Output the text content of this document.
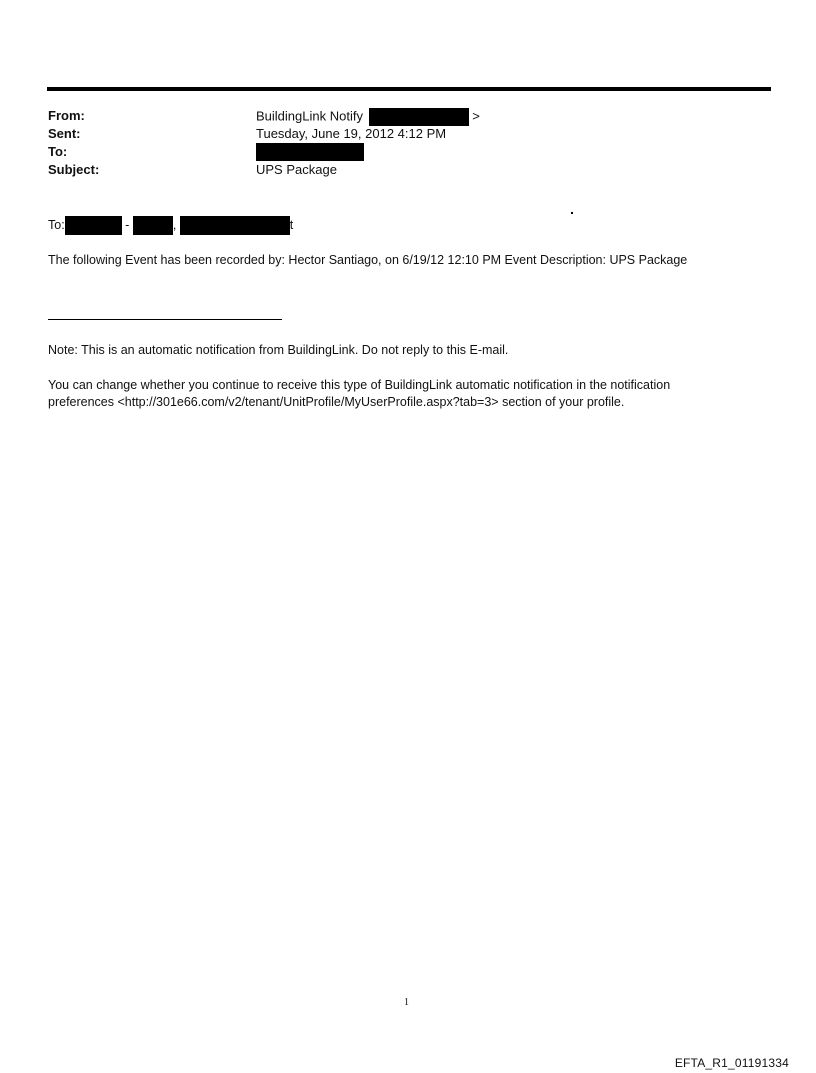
From:	BuildingLink Notify	>
Sent:	Tuesday, June 19, 2012 4:12 PM
To:
Subject:	UPS Package
To:	-	,	t
The following Event has been recorded by: Hector Santiago, on 6/19/12 12:10 PM Event Description: UPS Package
Note: This is an automatic notification from BuildingLink. Do not reply to this E-mail.
You can change whether you continue to receive this type of BuildingLink automatic notification in the notification
preferences <http://301e66.com/v2/tenant/UnitProfile/MyUserProfile.aspx?tab=3> section of your profile.
1
EFTA_R1_01191334
